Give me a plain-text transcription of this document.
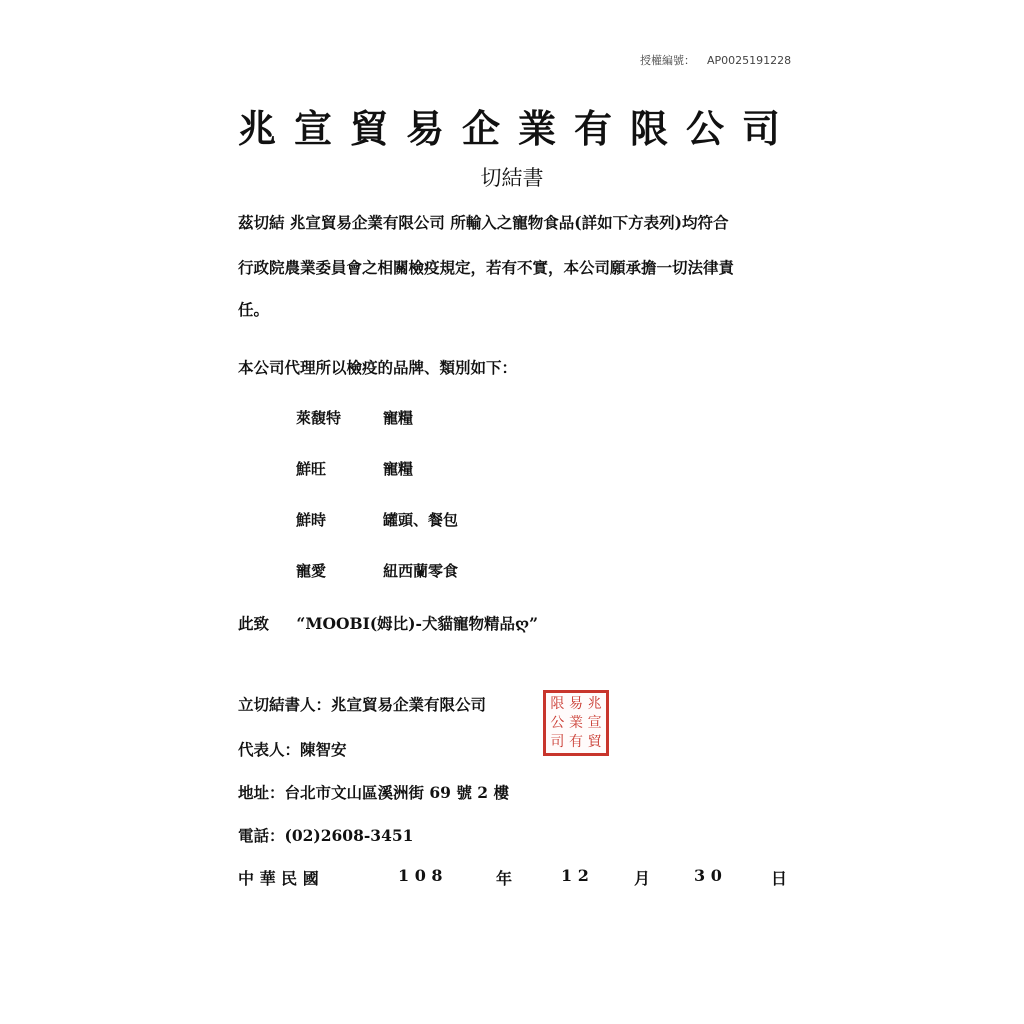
授權編號： AP0025191228
兆宣貿易企業有限公司
切結書
茲切結 兆宣貿易企業有限公司 所輸入之寵物食品(詳如下方表列)均符合
行政院農業委員會之相關檢疫規定，若有不實，本公司願承擔一切法律責
任。
本公司代理所以檢疫的品牌、類別如下：
萊馥特	寵糧
鮮旺	寵糧
鮮時	罐頭、餐包
寵愛	紐西蘭零食
此致 “MOOBI(姆比)-犬貓寵物精品ღ”
立切結書人：兆宣貿易企業有限公司
代表人：陳智安
地址：台北市文山區溪洲街 69 號 2 樓
電話：(02)2608-3451
限 易 兆
公 業 宣
司 有 貿
中 華 民 國	1 0 8	年	1 2	月	3 0	日
